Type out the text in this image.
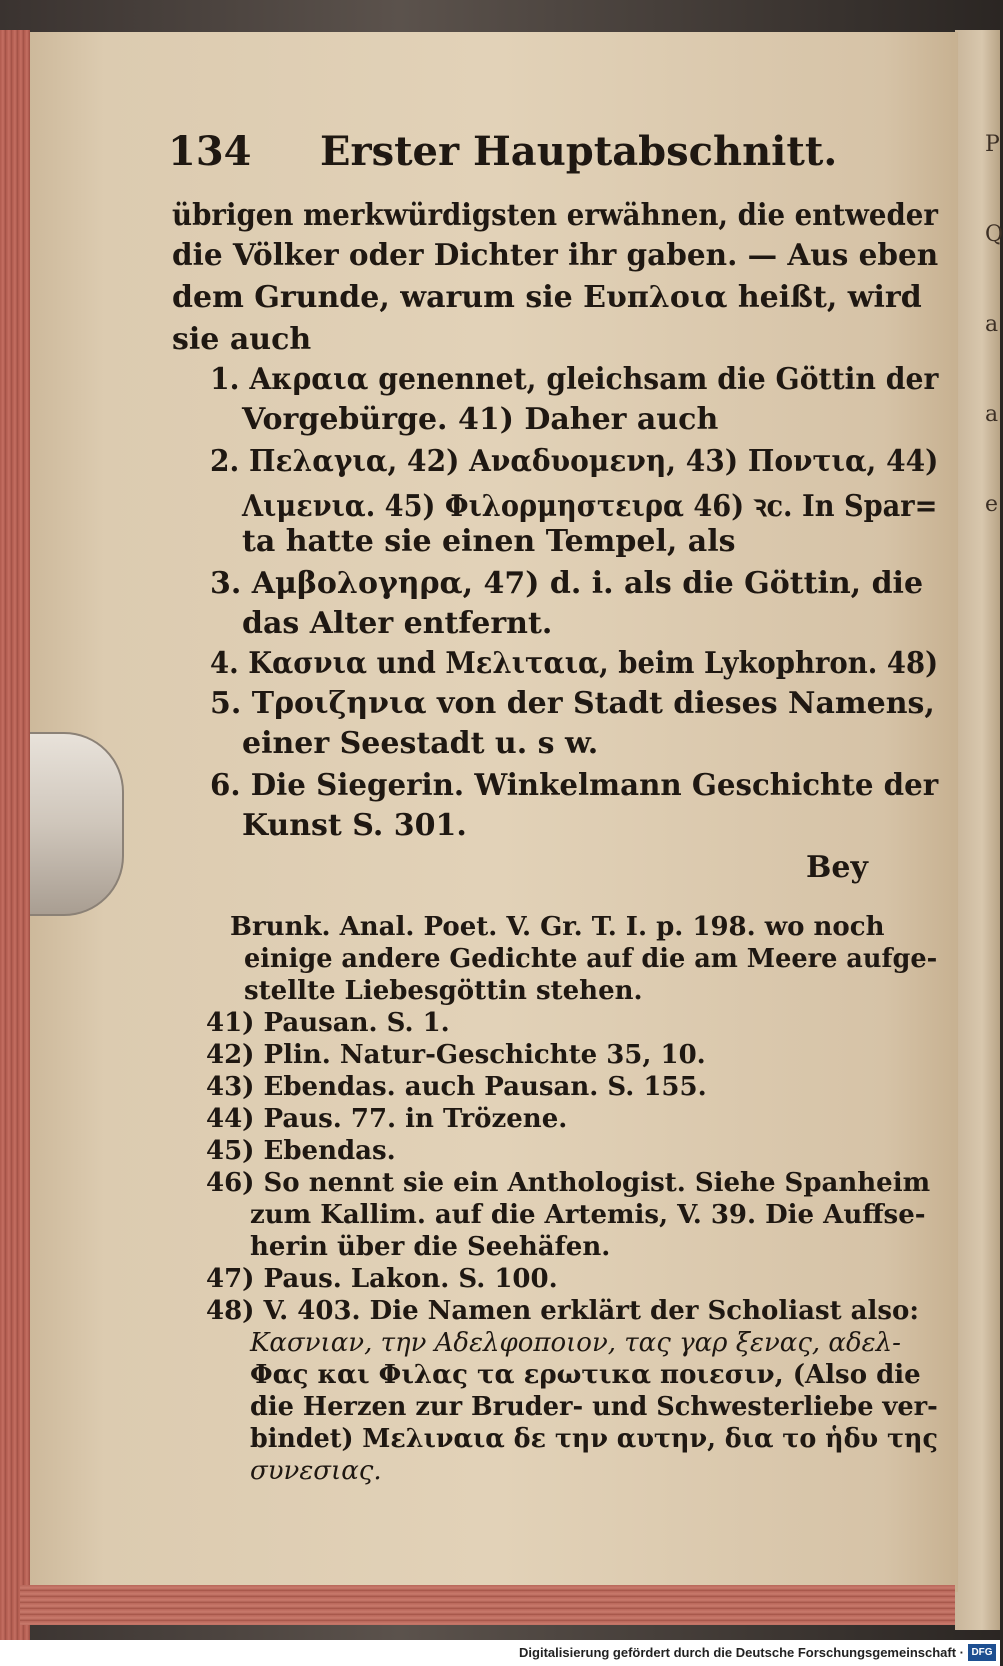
P Q a a e
134 Erster Hauptabschnitt.
übrigen merkwürdigsten erwähnen, die entweder
die Völker oder Dichter ihr gaben. — Aus eben
dem Grunde, warum sie Ευπλοια heißt, wird
sie auch
1. Ακραια genennet, gleichsam die Göttin der
Vorgebürge. 41) Daher auch
2. Πελαγια, 42) Αναδυομενη, 43) Ποντια, 44)
Λιμενια. 45) Φιλορμηστειρα 46) ꝛc. In Spar=
ta hatte sie einen Tempel, als
3. Αμβολογηρα, 47) d. i. als die Göttin, die
das Alter entfernt.
4. Κασνια und Μελιταια, beim Lykophron. 48)
5. Τροιζηνια von der Stadt dieses Namens,
einer Seestadt u. s w.
6. Die Siegerin. Winkelmann Geschichte der
Kunst S. 301.
Bey
Brunk. Anal. Poet. V. Gr. T. I. p. 198. wo noch
einige andere Gedichte auf die am Meere aufge-
stellte Liebesgöttin stehen.
41) Pausan. S. 1.
42) Plin. Natur-Geschichte 35, 10.
43) Ebendas. auch Pausan. S. 155.
44) Paus. 77. in Trözene.
45) Ebendas.
46) So nennt sie ein Anthologist. Siehe Spanheim
zum Kallim. auf die Artemis, V. 39. Die Auffse-
herin über die Seehäfen.
47) Paus. Lakon. S. 100.
48) V. 403. Die Namen erklärt der Scholiast also:
Κασνιαν, την Αδελφοποιον, τας γαρ ξενας, αδελ-
Φας και Φιλας τα ερωτικα ποιεσιν, (Also die
die Herzen zur Bruder- und Schwesterliebe ver-
bindet) Μελιναια δε την αυτην, δια το ἡδυ της
συνεσιας.
Digitalisierung gefördert durch die Deutsche Forschungsgemeinschaft · DFG
